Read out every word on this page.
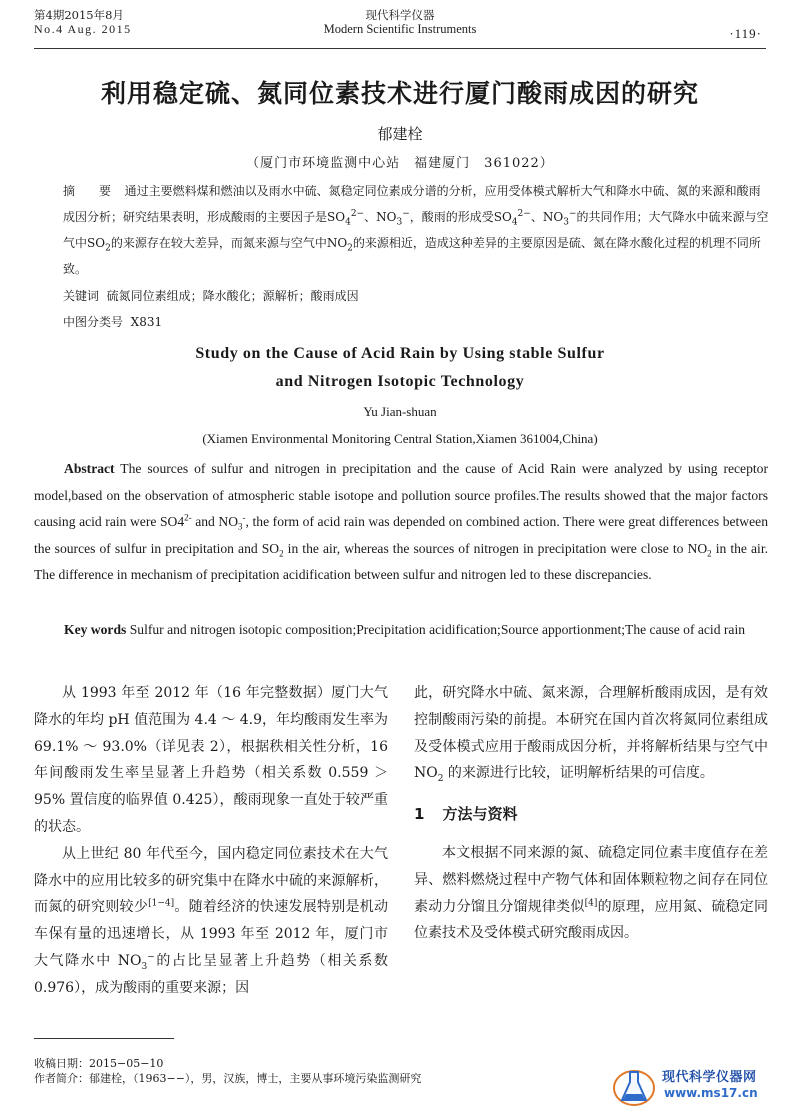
第4期2015年8月
No.4 Aug. 2015
现代科学仪器
Modern Scientific Instruments	·119·
利用稳定硫、氮同位素技术进行厦门酸雨成因的研究
郁建栓
（厦门市环境监测中心站　福建厦门　361022）
摘　要 通过主要燃料煤和燃油以及雨水中硫、氮稳定同位素成分谱的分析，应用受体模式解析大气和降水中硫、氮的来源和酸雨成因分析；研究结果表明，形成酸雨的主要因子是$SO_4^{2-}$、$NO_3^-$，酸雨的形成受$SO_4^{2-}$、$NO_3^-$的共同作用；大气降水中硫来源与空气中$SO_2$的来源存在较大差异，而氮来源与空气中$NO_2$的来源相近，造成这种差异的主要原因是硫、氮在降水酸化过程的机理不同所致。
关键词 硫氮同位素组成；降水酸化；源解析；酸雨成因
中图分类号 X831
Study on the Cause of Acid Rain by Using stable Sulfur
and Nitrogen Isotopic Technology
Yu Jian-shuan
(Xiamen Environmental Monitoring Central Station,Xiamen 361004,China)
Abstract The sources of sulfur and nitrogen in precipitation and the cause of Acid Rain were analyzed by using receptor model,based on the observation of atmospheric stable isotope and pollution source profiles.The results showed that the major factors causing acid rain were $SO4^{2-}$ and $NO_3^-$, the form of acid rain was depended on combined action. There were great differences between the sources of sulfur in precipitation and $SO_2$ in the air, whereas the sources of nitrogen in precipitation were close to $NO_2$ in the air. The difference in mechanism of precipitation acidification between sulfur and nitrogen led to these discrepancies.
Key words Sulfur and nitrogen isotopic composition;Precipitation acidification;Source apportionment;The cause of acid rain

从 1993 年至 2012 年（16 年完整数据）厦门大气降水的年均 pH 值范围为 4.4 ～ 4.9，年均酸雨发生率为 69.1% ～ 93.0%（详见表 2），根据秩相关性分析，16 年间酸雨发生率呈显著上升趋势（相关系数 0.559 ＞ 95% 置信度的临界值 0.425），酸雨现象一直处于较严重的状态。

从上世纪 80 年代至今，国内稳定同位素技术在大气降水中的应用比较多的研究集中在降水中硫的来源解析，而氮的研究则较少[1−4]。随着经济的快速发展特别是机动车保有量的迅速增长，从 1993 年至 2012 年，厦门市大气降水中 $NO_3^-$的占比呈显著上升趋势（相关系数 0.976），成为酸雨的重要来源；因

此，研究降水中硫、氮来源，合理解析酸雨成因，是有效控制酸雨污染的前提。本研究在国内首次将氮同位素组成及受体模式应用于酸雨成因分析，并将解析结果与空气中 $NO_2$ 的来源进行比较，证明解析结果的可信度。

1 方法与资料

本文根据不同来源的氮、硫稳定同位素丰度值存在差异、燃料燃烧过程中产物气体和固体颗粒物之间存在同位素动力分馏且分馏规律类似[4]的原理，应用氮、硫稳定同位素技术及受体模式研究酸雨成因。

收稿日期：2015−05−10
作者简介：郁建栓，（1963−−），男，汉族，博士，主要从事环境污染监测研究	现代科学仪器网
www.ms17.cn
